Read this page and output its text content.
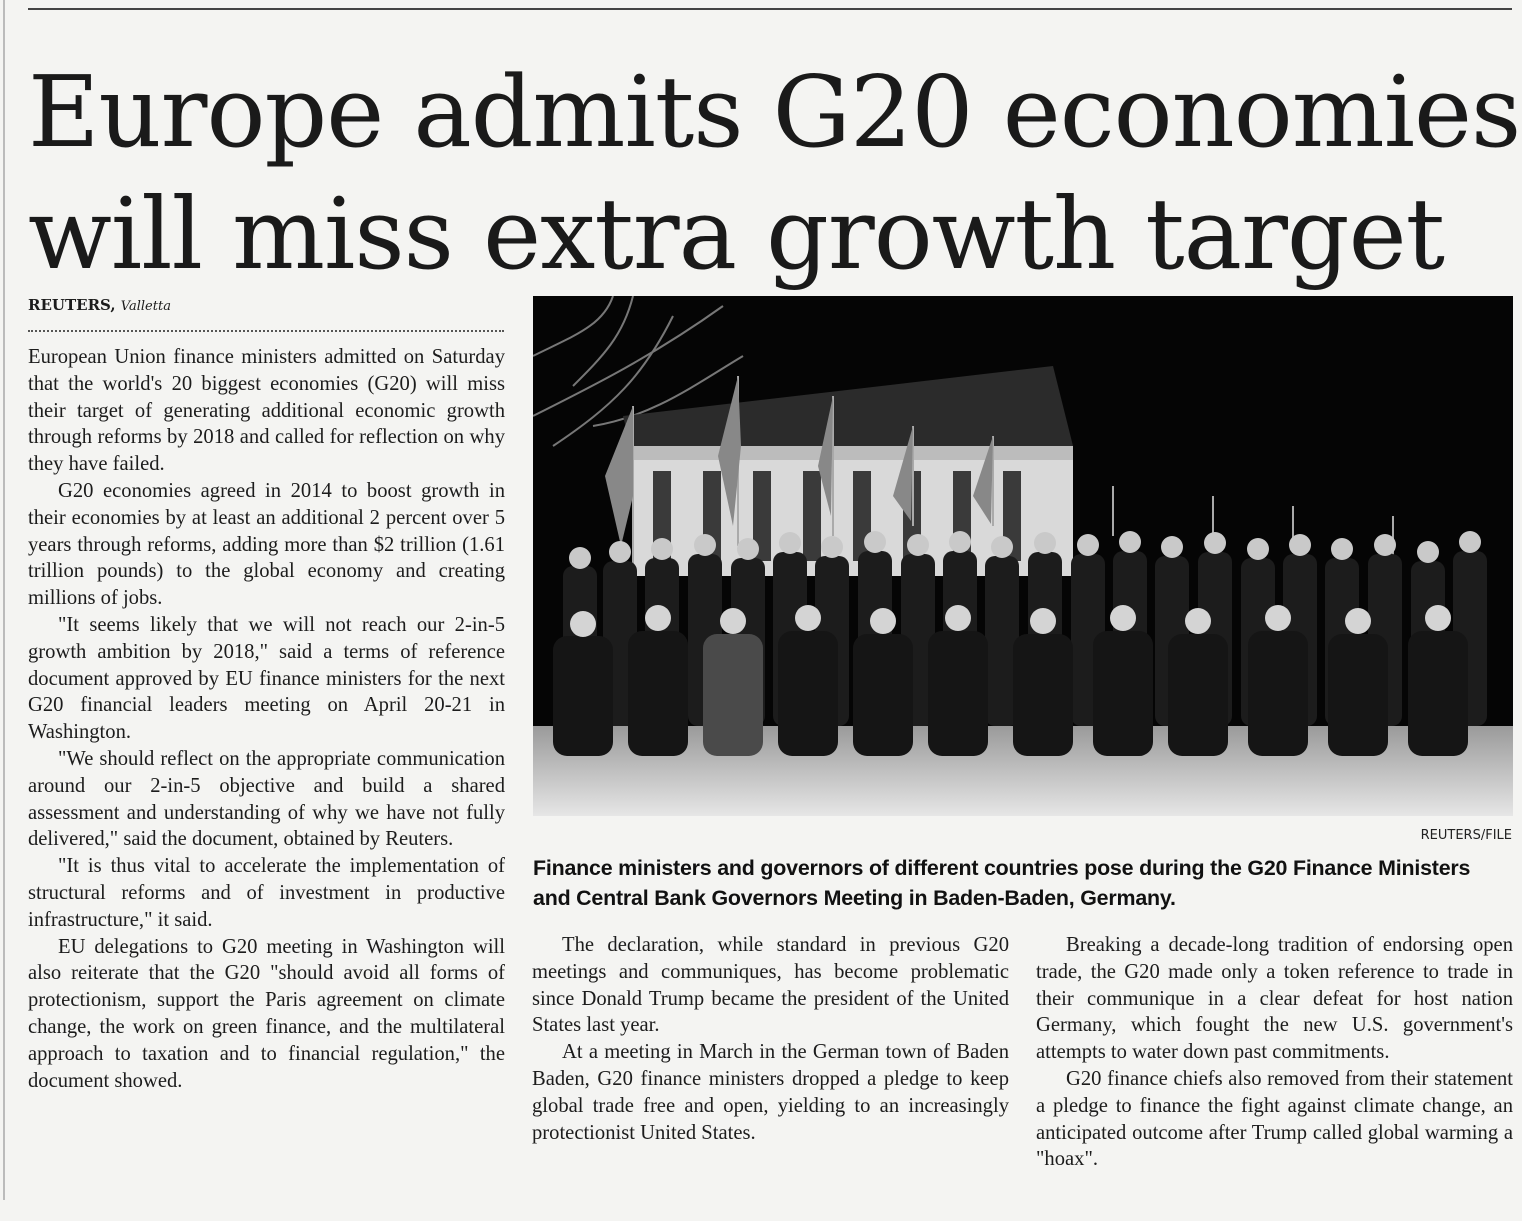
Europe admits G20 economies
will miss extra growth target
REUTERS, Valletta

European Union finance ministers admitted on Saturday that the world's 20 biggest economies (G20) will miss their target of generating additional economic growth through reforms by 2018 and called for reflection on why they have failed.

G20 economies agreed in 2014 to boost growth in their economies by at least an additional 2 percent over 5 years through reforms, adding more than $2 trillion (1.61 trillion pounds) to the global economy and creating millions of jobs.

"It seems likely that we will not reach our 2-in-5 growth ambition by 2018," said a terms of reference document approved by EU finance ministers for the next G20 financial leaders meeting on April 20-21 in Washington.

"We should reflect on the appropriate communication around our 2-in-5 objective and build a shared assessment and understanding of why we have not fully delivered," said the document, obtained by Reuters.

"It is thus vital to accelerate the implementation of structural reforms and of investment in productive infrastructure," it said.

EU delegations to G20 meeting in Washington will also reiterate that the G20 "should avoid all forms of protectionism, support the Paris agreement on climate change, the work on green finance, and the multilateral approach to taxation and to financial regulation," the document showed.

REUTERS/FILE
Finance ministers and governors of different countries pose during the G20 Finance Ministers and Central Bank Governors Meeting in Baden-Baden, Germany.

The declaration, while standard in previous G20 meetings and communiques, has become problematic since Donald Trump became the president of the United States last year.

At a meeting in March in the German town of Baden Baden, G20 finance ministers dropped a pledge to keep global trade free and open, yielding to an increasingly protectionist United States.

Breaking a decade-long tradition of endorsing open trade, the G20 made only a token reference to trade in their communique in a clear defeat for host nation Germany, which fought the new U.S. government's attempts to water down past commitments.

G20 finance chiefs also removed from their statement a pledge to finance the fight against climate change, an anticipated outcome after Trump called global warming a "hoax".
